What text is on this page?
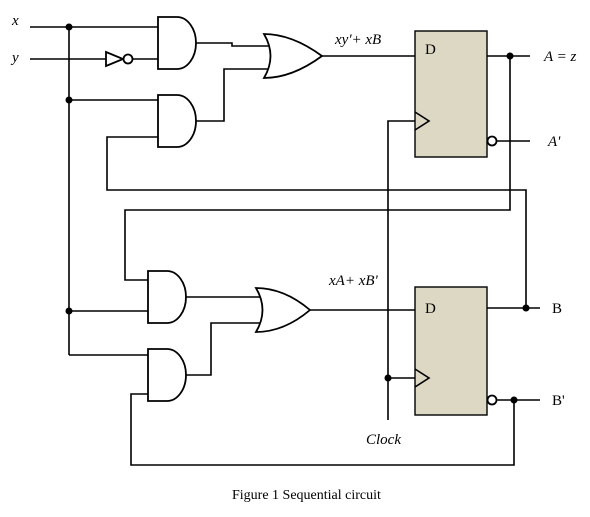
x
y
xy'+ xB
xA+ xB'
D
D
A = z
A'
B
B'
Clock
Figure 1 Sequential circuit
